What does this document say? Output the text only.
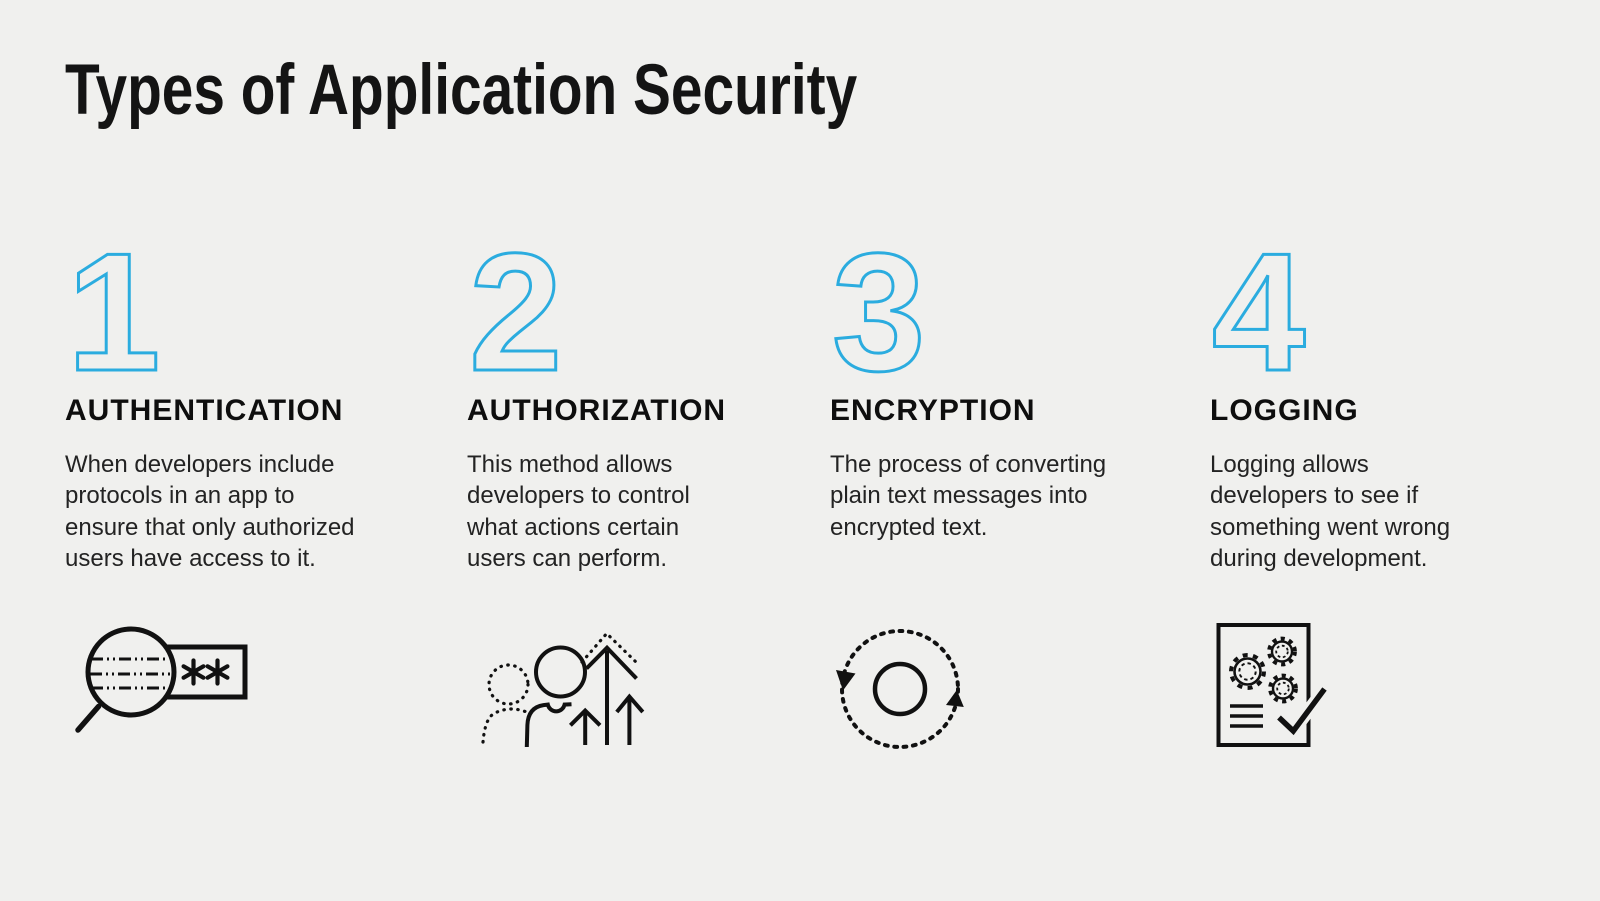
Types of Application Security
1
AUTHENTICATION

When developers include protocols in an app to ensure that only authorized users have access to it.

2
AUTHORIZATION

This method allows developers to control what actions certain users can perform.

3
ENCRYPTION

The process of converting plain text messages into encrypted text.

4
LOGGING

Logging allows developers to see if something went wrong during development.
